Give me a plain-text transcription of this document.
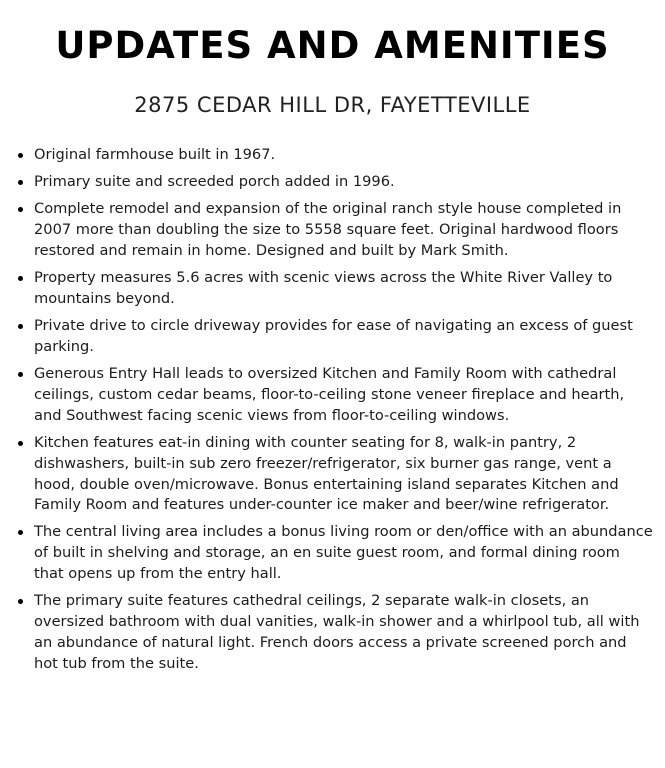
UPDATES AND AMENITIES
2875 CEDAR HILL DR, FAYETTEVILLE
Original farmhouse built in 1967.
Primary suite and screeded porch added in 1996.
Complete remodel and expansion of the original ranch style house completed in 2007 more than doubling the size to 5558 square feet. Original hardwood floors restored and remain in home. Designed and built by Mark Smith.
Property measures 5.6 acres with scenic views across the White River Valley to mountains beyond.
Private drive to circle driveway provides for ease of navigating an excess of guest parking.
Generous Entry Hall leads to oversized Kitchen and Family Room with cathedral ceilings, custom cedar beams, floor-to-ceiling stone veneer fireplace and hearth, and Southwest facing scenic views from floor-to-ceiling windows.
Kitchen features eat-in dining with counter seating for 8, walk-in pantry, 2 dishwashers, built-in sub zero freezer/refrigerator, six burner gas range, vent a hood, double oven/microwave. Bonus entertaining island separates Kitchen and Family Room and features under-counter ice maker and beer/wine refrigerator.
The central living area includes a bonus living room or den/office with an abundance of built in shelving and storage, an en suite guest room, and formal dining room that opens up from the entry hall.
The primary suite features cathedral ceilings, 2 separate walk-in closets, an oversized bathroom with dual vanities, walk-in shower and a whirlpool tub, all with an abundance of natural light. French doors access a private screened porch and hot tub from the suite.
